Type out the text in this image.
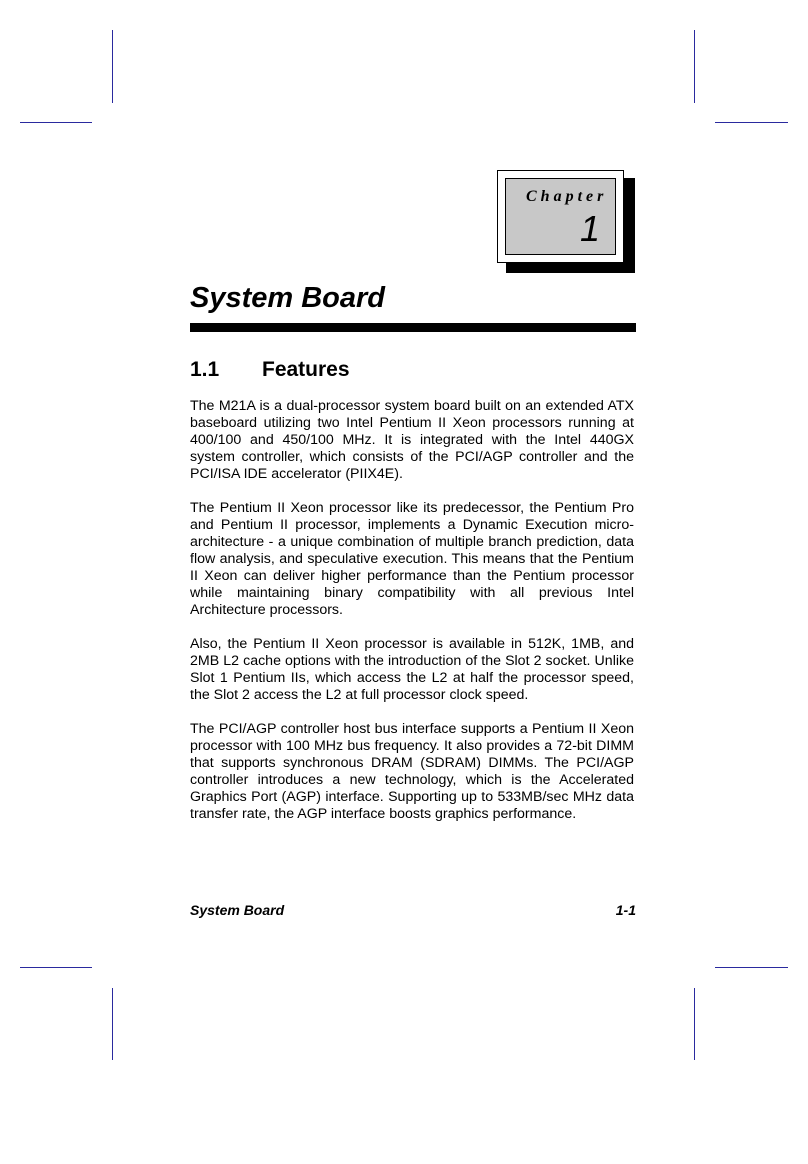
Chapter
1
System Board
1.1 Features

The M21A is a dual-processor system board built on an extended ATX baseboard utilizing two Intel Pentium II Xeon processors running at 400/100 and 450/100 MHz. It is integrated with the Intel 440GX system controller, which consists of the PCI/AGP controller and the PCI/ISA IDE accelerator (PIIX4E).

The Pentium II Xeon processor like its predecessor, the Pentium Pro and Pentium II processor, implements a Dynamic Execution micro-architecture - a unique combination of multiple branch prediction, data flow analysis, and speculative execution. This means that the Pentium II Xeon can deliver higher performance than the Pentium processor while maintaining binary compatibility with all previous Intel Architecture processors.

Also, the Pentium II Xeon processor is available in 512K, 1MB, and 2MB L2 cache options with the introduction of the Slot 2 socket. Unlike Slot 1 Pentium IIs, which access the L2 at half the processor speed, the Slot 2 access the L2 at full processor clock speed.

The PCI/AGP controller host bus interface supports a Pentium II Xeon processor with 100 MHz bus frequency. It also provides a 72-bit DIMM that supports synchronous DRAM (SDRAM) DIMMs. The PCI/AGP controller introduces a new technology, which is the Accelerated Graphics Port (AGP) interface. Supporting up to 533MB/sec MHz data transfer rate, the AGP interface boosts graphics performance.

System Board	1-1
